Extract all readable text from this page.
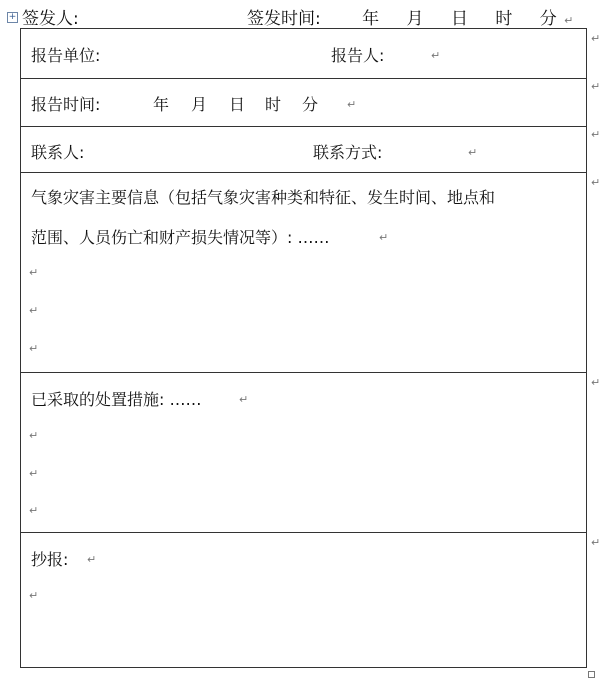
+ 签发人:	签发时间: 年 月 日 时 分 ↵
报告单位:	报告人:	↵
报告时间:	年 月 日 时 分	↵
联系人:	联系方式:	↵
气象灾害主要信息（包括气象灾害种类和特征、发生时间、地点和
范围、人员伤亡和财产损失情况等）: ……	↵
↵
↵
↵
已采取的处置措施: ……	↵
↵
↵
↵
抄报: ↵
↵
↵
↵
↵
↵
↵
↵
